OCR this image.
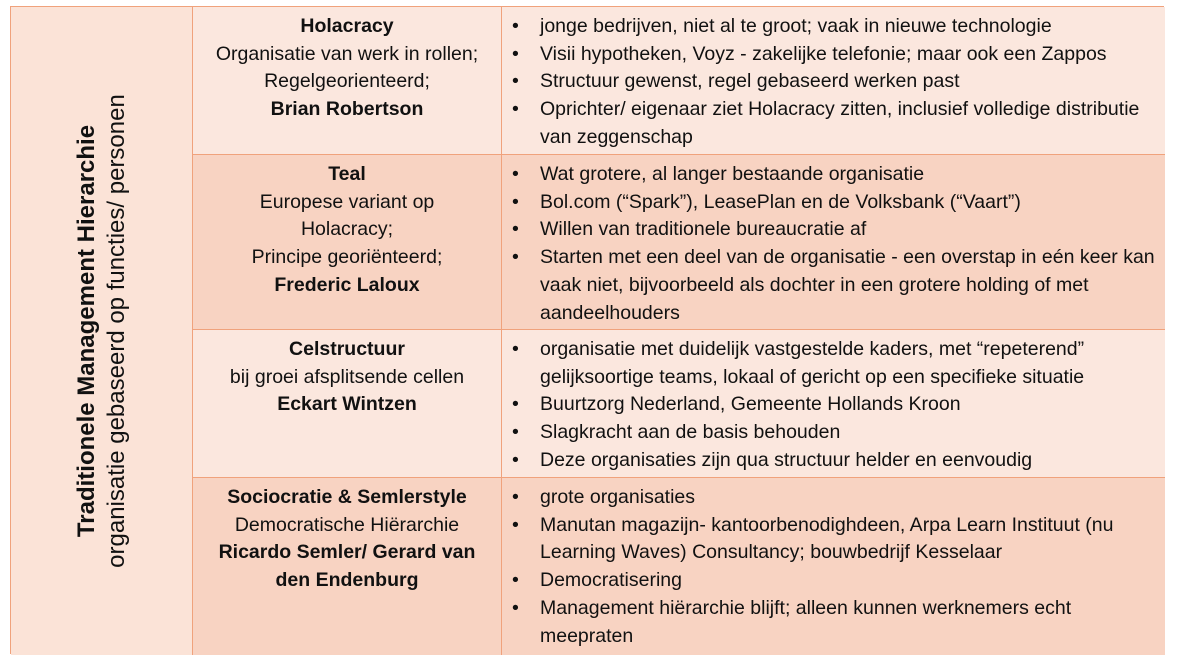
Traditionele Management Hierarchie organisatie gebaseerd op functies/ personen
Holacracy
Organisatie van werk in rollen;
Regelgeorienteerd;
Brian Robertson
• jonge bedrijven, niet al te groot; vaak in nieuwe technologie
• Visii hypotheken, Voyz - zakelijke telefonie; maar ook een Zappos
• Structuur gewenst, regel gebaseerd werken past
• Oprichter/ eigenaar ziet Holacracy zitten, inclusief volledige distributie van zeggenschap
Teal
Europese variant op
Holacracy;
Principe georiënteerd;
Frederic Laloux
• Wat grotere, al langer bestaande organisatie
• Bol.com (“Spark”), LeasePlan en de Volksbank (“Vaart”)
• Willen van traditionele bureaucratie af
• Starten met een deel van de organisatie - een overstap in eén keer kan vaak niet, bijvoorbeeld als dochter in een grotere holding of met aandeelhouders
Celstructuur
bij groei afsplitsende cellen
Eckart Wintzen
• organisatie met duidelijk vastgestelde kaders, met “repeterend” gelijksoortige teams, lokaal of gericht op een specifieke situatie
• Buurtzorg Nederland, Gemeente Hollands Kroon
• Slagkracht aan de basis behouden
• Deze organisaties zijn qua structuur helder en eenvoudig
Sociocratie & Semlerstyle
Democratische Hiërarchie
Ricardo Semler/ Gerard van
den Endenburg
• grote organisaties
• Manutan magazijn- kantoorbenodighdeen, Arpa Learn Instituut (nu Learning Waves) Consultancy; bouwbedrijf Kesselaar
• Democratisering
• Management hiërarchie blijft; alleen kunnen werknemers echt meepraten
